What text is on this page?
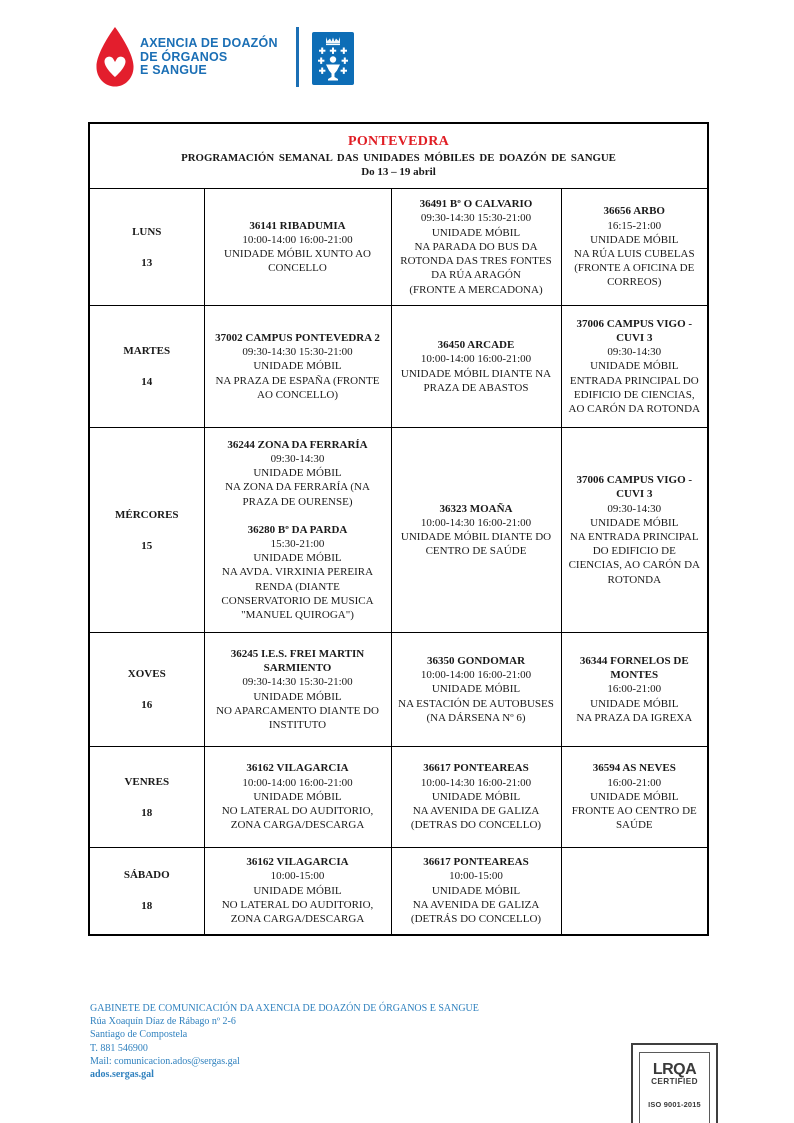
AXENCIA DE DOAZÓN
DE ÓRGANOS
E SANGUE
PONTEVEDRA
PROGRAMACIÓN SEMANAL DAS UNIDADES MÓBILES DE DOAZÓN DE SANGUE
Do 13 – 19 abril			

LUNS
13

36141 RIBADUMIA
10:00-14:00 16:00-21:00
UNIDADE MÓBIL XUNTO AO CONCELLO

36491 Bº O CALVARIO
09:30-14:30 15:30-21:00
UNIDADE MÓBIL
NA PARADA DO BUS DA ROTONDA DAS TRES FONTES DA RÚA ARAGÓN
(FRONTE A MERCADONA)

36656 ARBO
16:15-21:00
UNIDADE MÓBIL
NA RÚA LUIS CUBELAS
(FRONTE A OFICINA DE CORREOS)

MARTES
14

37002 CAMPUS PONTEVEDRA 2
09:30-14:30 15:30-21:00
UNIDADE MÓBIL
NA PRAZA DE ESPAÑA (FRONTE AO CONCELLO)

36450 ARCADE
10:00-14:00 16:00-21:00
UNIDADE MÓBIL DIANTE NA PRAZA DE ABASTOS

37006 CAMPUS VIGO - CUVI 3
09:30-14:30
UNIDADE MÓBIL
ENTRADA PRINCIPAL DO EDIFICIO DE CIENCIAS, AO CARÓN DA ROTONDA

MÉRCORES
15

36244 ZONA DA FERRARÍA
09:30-14:30
UNIDADE MÓBIL
NA ZONA DA FERRARÍA (NA PRAZA DE OURENSE)
36280 Bº DA PARDA
15:30-21:00
UNIDADE MÓBIL
NA AVDA. VIRXINIA PEREIRA RENDA (DIANTE CONSERVATORIO DE MUSICA "MANUEL QUIROGA")

36323 MOAÑA
10:00-14:30 16:00-21:00
UNIDADE MÓBIL DIANTE DO CENTRO DE SAÚDE

37006 CAMPUS VIGO - CUVI 3
09:30-14:30
UNIDADE MÓBIL
NA ENTRADA PRINCIPAL DO EDIFICIO DE CIENCIAS, AO CARÓN DA ROTONDA

XOVES
16

36245 I.E.S. FREI MARTIN SARMIENTO
09:30-14:30 15:30-21:00
UNIDADE MÓBIL
NO APARCAMENTO DIANTE DO INSTITUTO

36350 GONDOMAR
10:00-14:00 16:00-21:00
UNIDADE MÓBIL
NA ESTACIÓN DE AUTOBUSES
(NA DÁRSENA Nº 6)

36344 FORNELOS DE MONTES
16:00-21:00
UNIDADE MÓBIL
NA PRAZA DA IGREXA

VENRES
18

36162 VILAGARCIA
10:00-14:00 16:00-21:00
UNIDADE MÓBIL
NO LATERAL DO AUDITORIO, ZONA CARGA/DESCARGA

36617 PONTEAREAS
10:00-14:30 16:00-21:00
UNIDADE MÓBIL
NA AVENIDA DE GALIZA (DETRAS DO CONCELLO)

36594 AS NEVES
16:00-21:00
UNIDADE MÓBIL
FRONTE AO CENTRO DE SAÚDE

SÁBADO
18

36162 VILAGARCIA
10:00-15:00
UNIDADE MÓBIL
NO LATERAL DO AUDITORIO, ZONA CARGA/DESCARGA

36617 PONTEAREAS
10:00-15:00
UNIDADE MÓBIL
NA AVENIDA DE GALIZA (DETRÁS DO CONCELLO)

GABINETE DE COMUNICACIÓN DA AXENCIA DE DOAZÓN DE ÓRGANOS E SANGUE
Rúa Xoaquín Díaz de Rábago nº 2-6
Santiago de Compostela
T. 881 546900
Mail: comunicacion.ados@sergas.gal
ados.sergas.gal	LRQA
CERTIFIED
ISO 9001-2015
